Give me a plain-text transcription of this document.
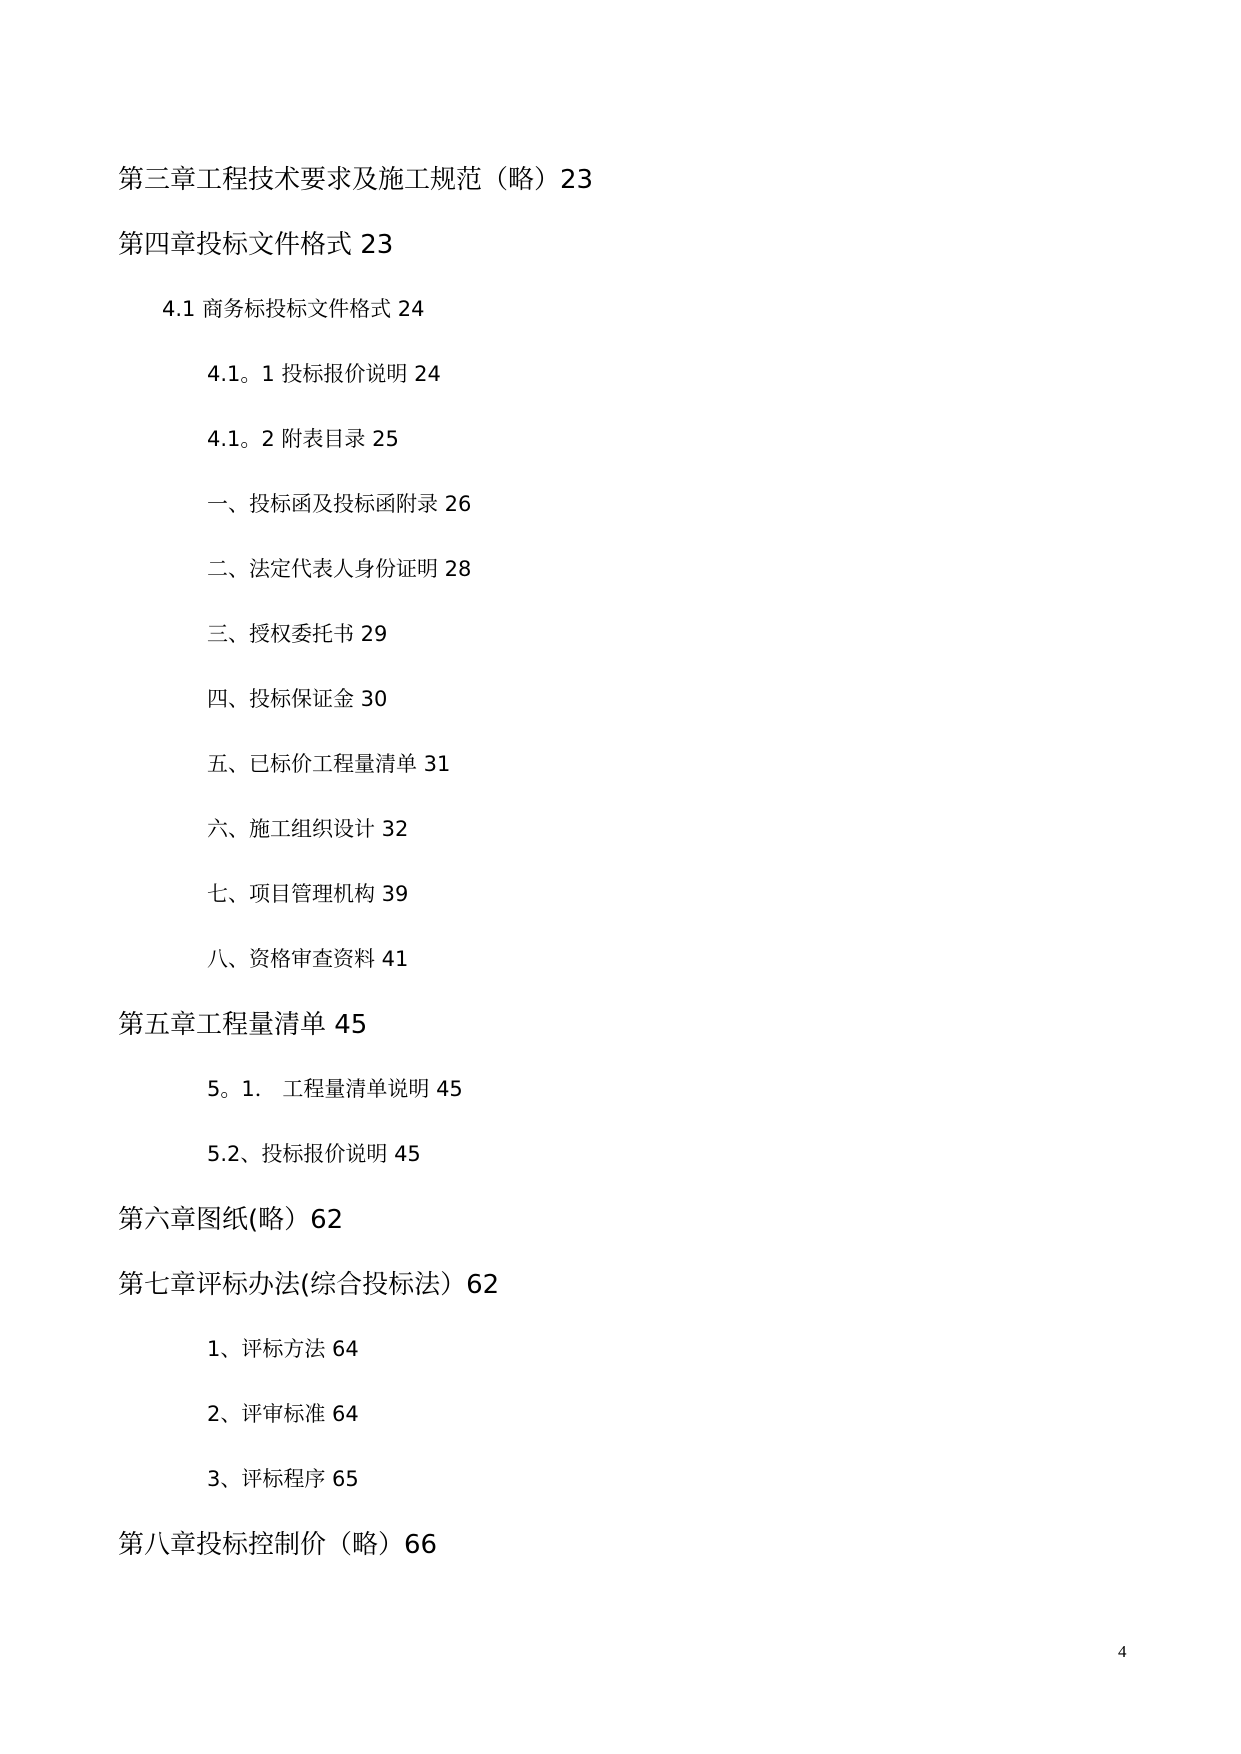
第三章工程技术要求及施工规范（略）23
第四章投标文件格式 23
4.1 商务标投标文件格式 24
4.1。1 投标报价说明 24
4.1。2 附表目录 25
一、投标函及投标函附录 26
二、法定代表人身份证明 28
三、授权委托书 29
四、投标保证金 30
五、已标价工程量清单 31
六、施工组织设计 32
七、项目管理机构 39
八、资格审查资料 41
第五章工程量清单 45
5。1． 工程量清单说明 45
5.2、投标报价说明 45
第六章图纸(略）62
第七章评标办法(综合投标法）62
1、评标方法 64
2、评审标准 64
3、评标程序 65
第八章投标控制价（略）66
4
